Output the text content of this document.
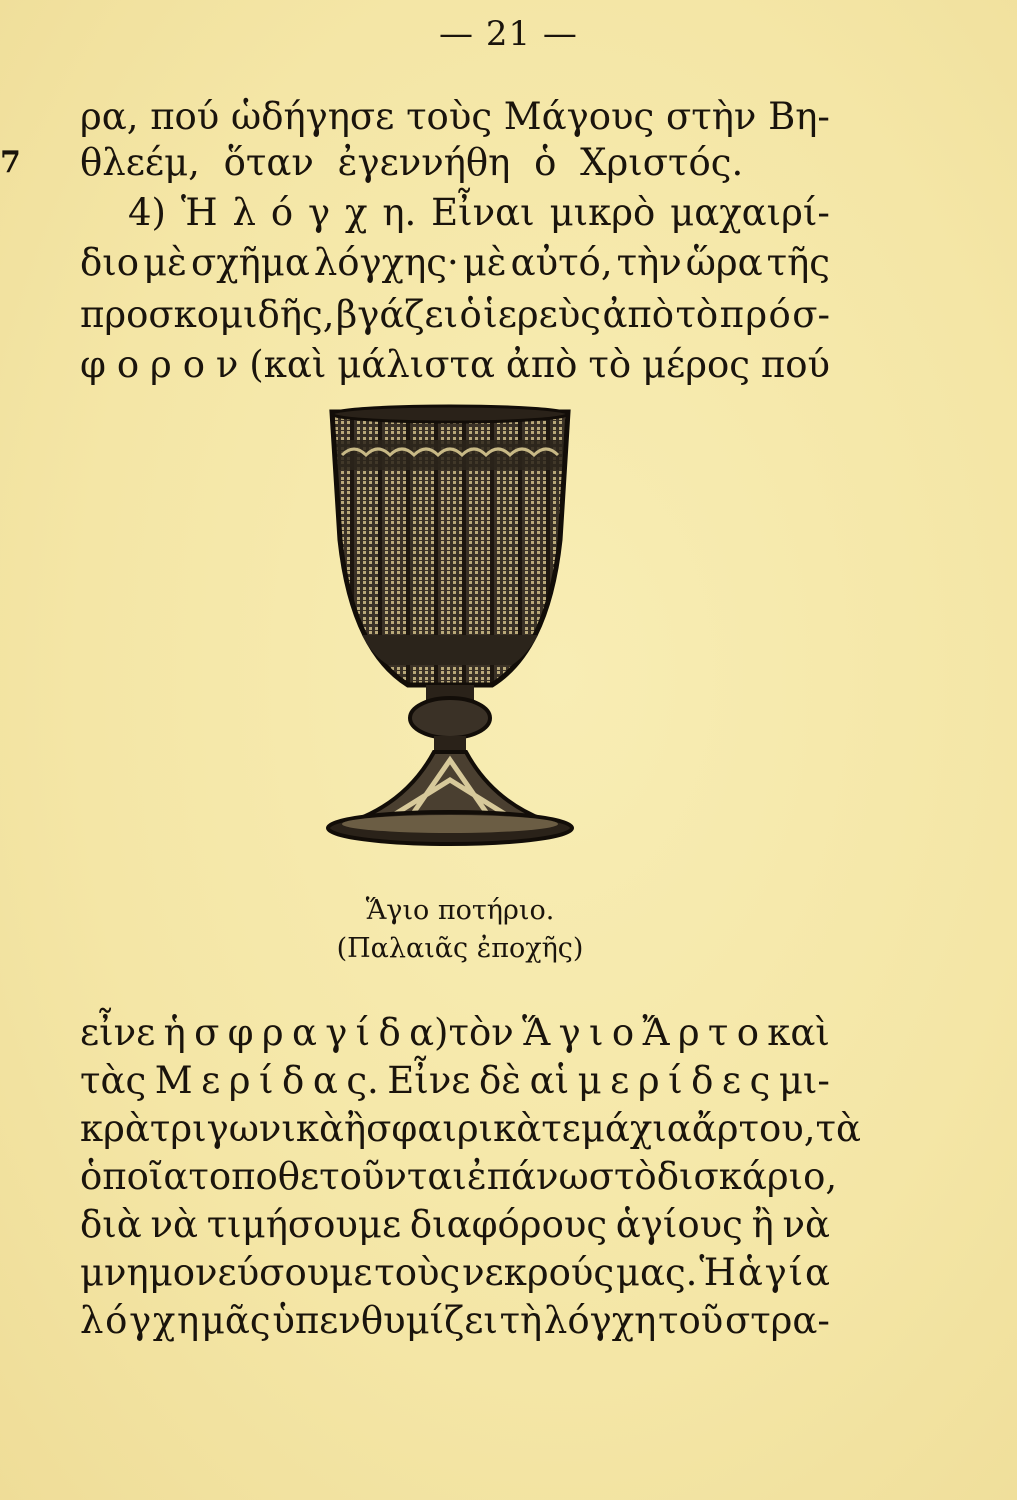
— 21 —
7
ρα, πού ὡδήγησε τοὺς Μάγους στὴν Βη-
θλεέμ, ὅταν ἐγεννήθη ὁ Χριστός.
4) Ἡ λ ό γ χ η. Εἶναι μικρὸ μαχαιρί-
διο μὲ σχῆμα λόγχης· μὲ αὐτό, τὴν ὥρα τῆς
προσκομιδῆς, βγάζει ὁ ἱερεὺς ἀπὸ τὸ π ρ ό σ-
φ ο ρ ο ν (καὶ μάλιστα ἀπὸ τὸ μέρος πού
Ἅγιο ποτήριο.
(Παλαιᾶς ἐποχῆς)
εἶνε ἡ σ φ ρ α γ ί δ α)τὸν Ἅ γ ι ο Ἄ ρ τ ο καὶ
τὰς Μ ε ρ ί δ α ς. Εἶνε δὲ αἱ μ ε ρ ί δ ε ς μι-
κρὰ τριγωνικὰ ἢ σφαιρικὰ τεμάχια ἄρτου, τὰ
ὁποῖα τοποθετοῦνται ἐπάνω στὸ δισκάριο,
διὰ νὰ τιμήσουμε διαφόρους ἁγίους ἢ νὰ
μνημονεύσουμε τοὺς νεκρούς μας. Ἡ ἁ γ ί α
λ ό γ χ η μᾶς ὑπενθυμίζει τὴ λόγχη τοῦ στρα-
